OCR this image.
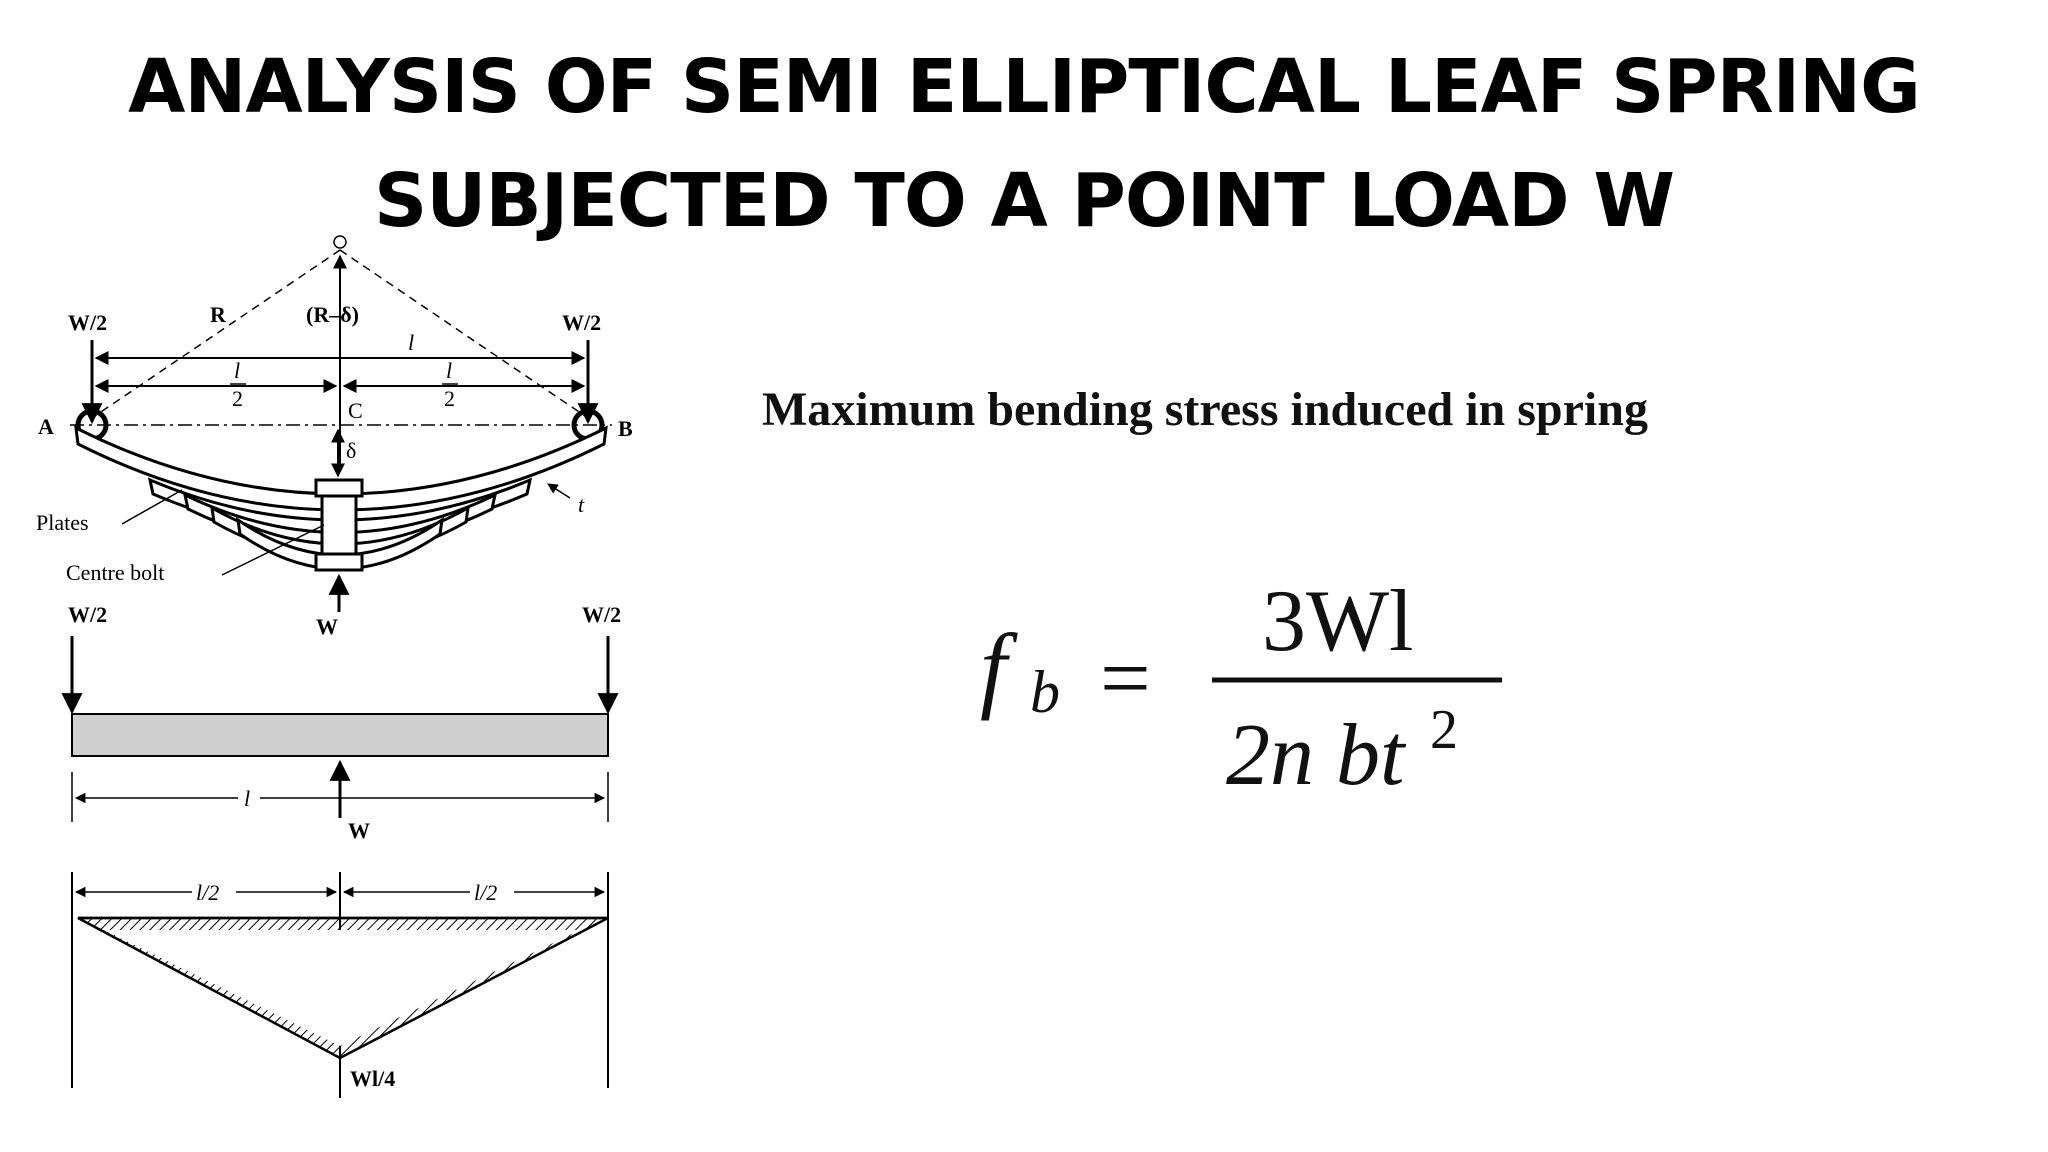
ANALYSIS OF SEMI ELLIPTICAL LEAF SPRING
SUBJECTED TO A POINT LOAD W
W/2	W/2
R	(R–δ)
l
l
2
l
2
A	B
C
δ
t
Plates
Centre bolt
W
l
W/2	W/2
W
l/2	l/2
Wl/4
Maximum bending stress induced in spring
f b =
3Wl
2n bt 2
